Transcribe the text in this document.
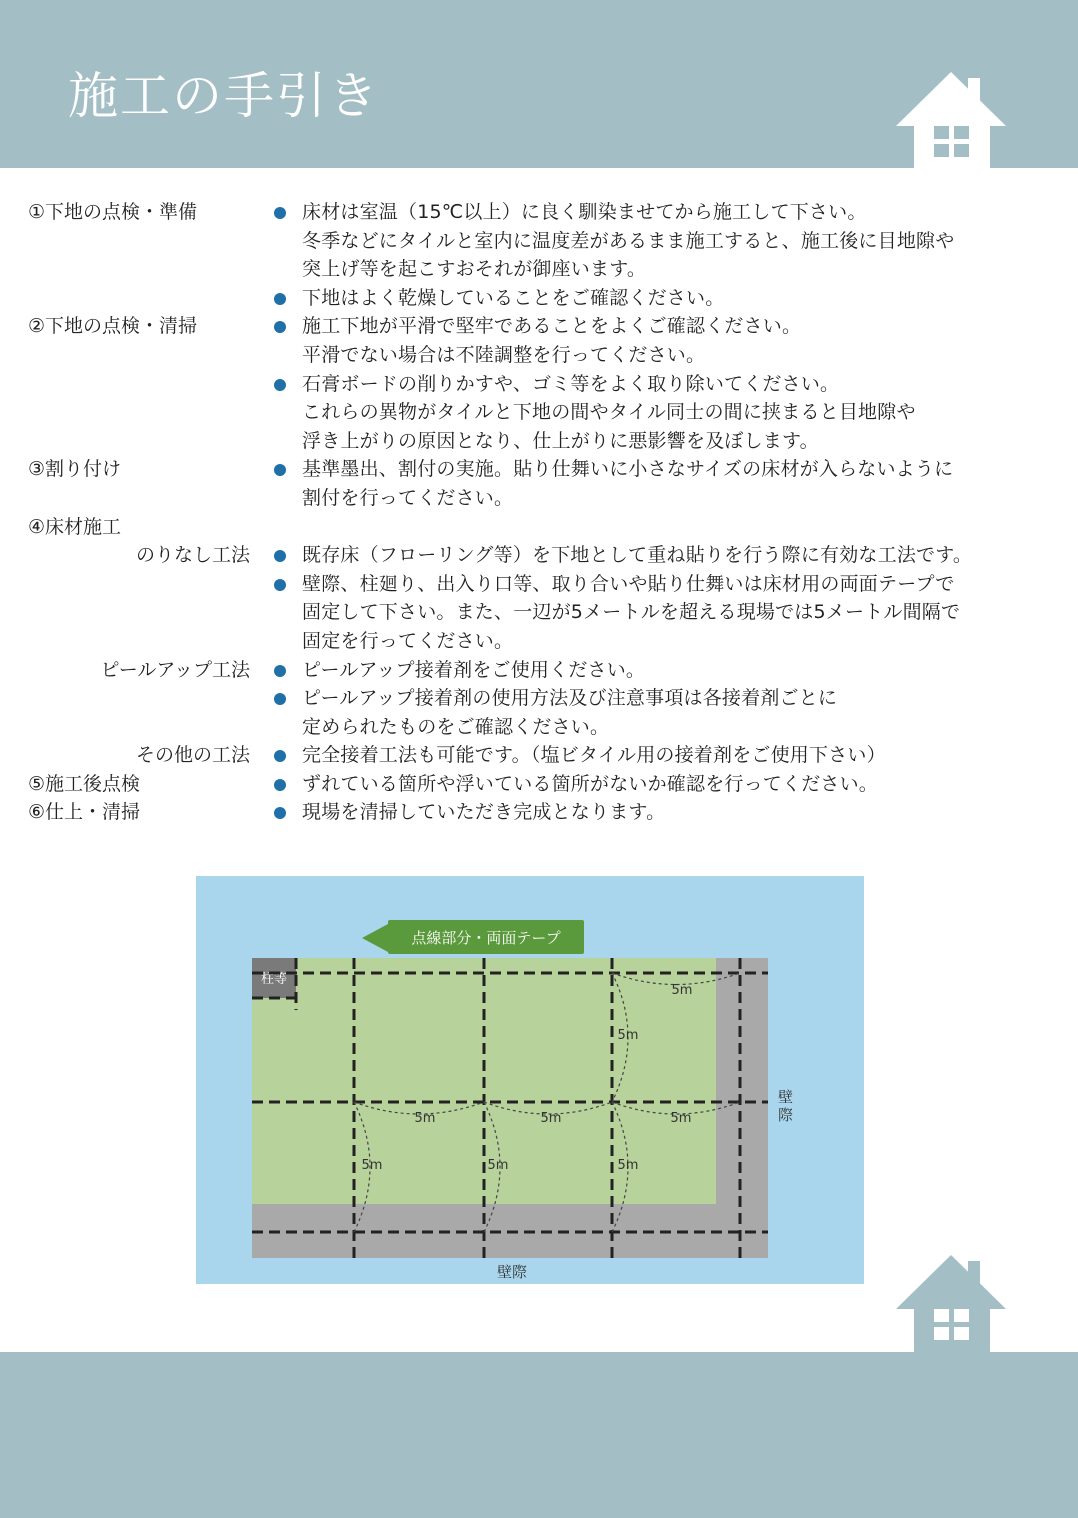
施工の手引き
①下地の点検・準備	床材は室温（15℃以上）に良く馴染ませてから施工して下さい。
冬季などにタイルと室内に温度差があるまま施工すると、施工後に目地隙や
突上げ等を起こすおそれが御座います。
下地はよく乾燥していることをご確認ください。
②下地の点検・清掃	施工下地が平滑で堅牢であることをよくご確認ください。
平滑でない場合は不陸調整を行ってください。
石膏ボードの削りかすや、ゴミ等をよく取り除いてください。
これらの異物がタイルと下地の間やタイル同士の間に挟まると目地隙や
浮き上がりの原因となり、仕上がりに悪影響を及ぼします。
③割り付け	基準墨出、割付の実施。貼り仕舞いに小さなサイズの床材が入らないように
割付を行ってください。
④床材施工
のりなし工法	既存床（フローリング等）を下地として重ね貼りを行う際に有効な工法です。
壁際、柱廻り、出入り口等、取り合いや貼り仕舞いは床材用の両面テープで
固定して下さい。また、一辺が5メートルを超える現場では5メートル間隔で
固定を行ってください。
ピールアップ工法	ピールアップ接着剤をご使用ください。
ピールアップ接着剤の使用方法及び注意事項は各接着剤ごとに
定められたものをご確認ください。
その他の工法	完全接着工法も可能です。（塩ビタイル用の接着剤をご使用下さい）
⑤施工後点検	ずれている箇所や浮いている箇所がないか確認を行ってください。
⑥仕上・清掃	現場を清掃していただき完成となります。
柱等
5m
5m
5m	5m	5m
5m	5m	5m
点線部分・両面テープ
壁 際
壁際
